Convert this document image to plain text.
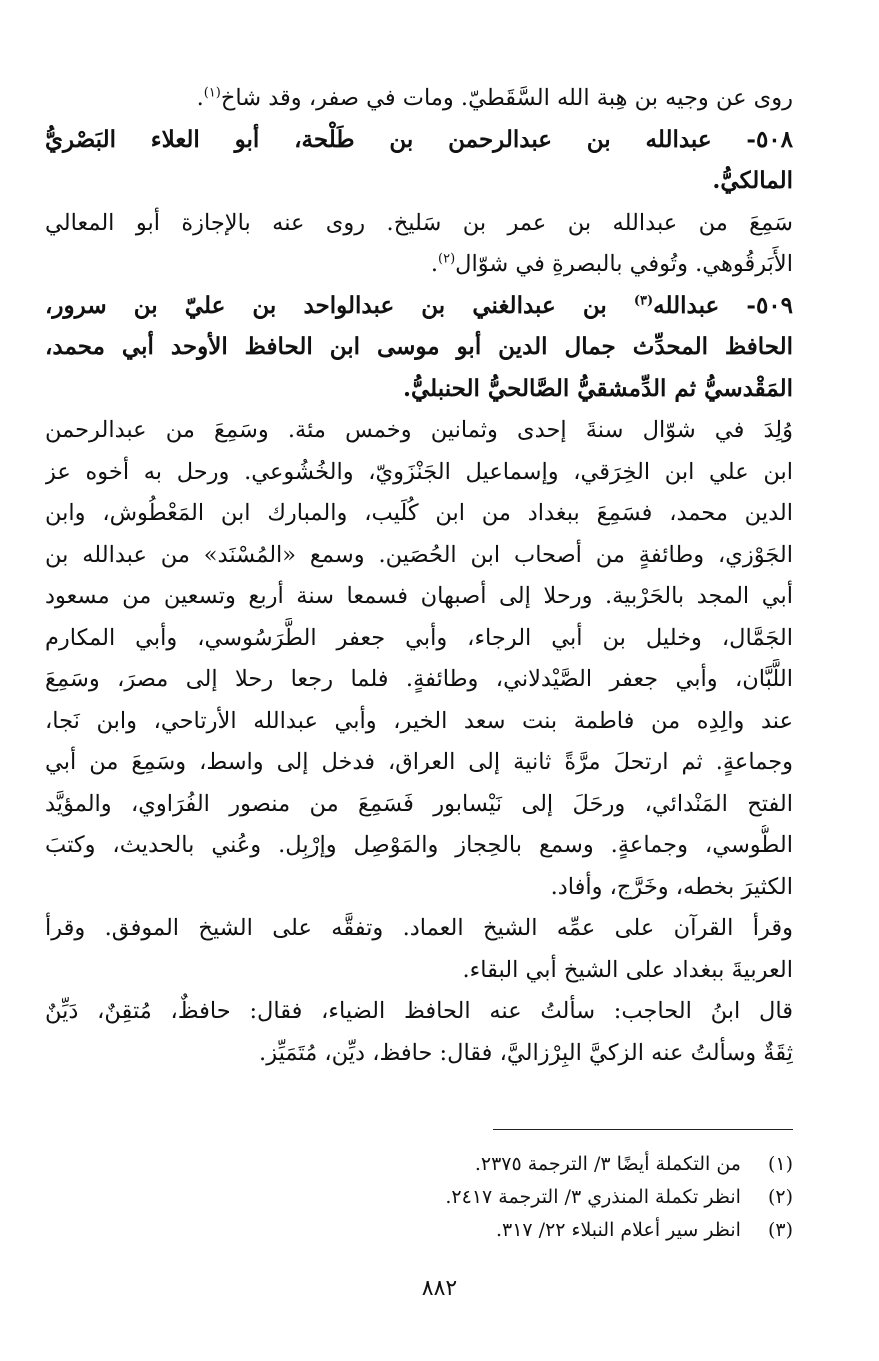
روى عن وجيه بن هِبة الله السَّقَطيّ. ومات في صفر، وقد شاخ$^{(١)}$.
٥٠٨- عبدالله بن عبدالرحمن بن طَلْحة، أبو العلاء البَصْريُّ
المالكيُّ.
سَمِعَ من عبدالله بن عمر بن سَليخ. روى عنه بالإجازة أبو المعالي
الأَبَرقُوهي. وتُوفي بالبصرةِ في شوّال$^{(٢)}$.
٥٠٩- عبدالله$^{(٣)}$ بن عبدالغني بن عبدالواحد بن عليّ بن سرور،
الحافظ المحدِّث جمال الدين أبو موسى ابن الحافظ الأوحد أبي محمد،
المَقْدسيُّ ثم الدِّمشقيُّ الصَّالحيُّ الحنبليُّ.
وُلِدَ في شوّال سنةَ إحدى وثمانين وخمس مئة. وسَمِعَ من عبدالرحمن
ابن علي ابن الخِرَقي، وإسماعيل الجَنْزَويّ، والخُشُوعي. ورحل به أخوه عز
الدين محمد، فسَمِعَ ببغداد من ابن كُلَيب، والمبارك ابن المَعْطُوش، وابن
الجَوْزي، وطائفةٍ من أصحاب ابن الحُصَين. وسمع «المُسْنَد» من عبدالله بن
أبي المجد بالحَرْبية. ورحلا إلى أصبهان فسمعا سنة أربع وتسعين من مسعود
الجَمَّال، وخليل بن أبي الرجاء، وأبي جعفر الطَّرَسُوسي، وأبي المكارم
اللَّبَّان، وأبي جعفر الصَّيْدلاني، وطائفةٍ. فلما رجعا رحلا إلى مصرَ، وسَمِعَ
عند والِدِه من فاطمة بنت سعد الخير، وأبي عبدالله الأرتاحي، وابن نَجا،
وجماعةٍ. ثم ارتحلَ مرَّةً ثانية إلى العراق، فدخل إلى واسط، وسَمِعَ من أبي
الفتح المَنْدائي، ورحَلَ إلى نَيْسابور فَسَمِعَ من منصور الفُرَاوي، والمؤيَّد
الطُّوسي، وجماعةٍ. وسمع بالحِجاز والمَوْصِل وإرْبِل. وعُني بالحديث، وكتبَ
الكثيرَ بخطه، وخَرَّج، وأفاد.
وقرأ القرآن على عمِّه الشيخ العماد. وتفقَّه على الشيخ الموفق. وقرأ
العربيةَ ببغداد على الشيخ أبي البقاء.
قال ابنُ الحاجب: سألتُ عنه الحافظ الضياء، فقال: حافظٌ، مُتقِنٌ، دَيِّنٌ
ثِقَةٌ وسألتُ عنه الزكيَّ البِرْزاليَّ، فقال: حافظ، ديِّن، مُتَمَيِّز.
(١) من التكملة أيضًا ٣/ الترجمة ٢٣٧٥.
(٢) انظر تكملة المنذري ٣/ الترجمة ٢٤١٧.
(٣) انظر سير أعلام النبلاء ٢٢/ ٣١٧.
٨٨٢
